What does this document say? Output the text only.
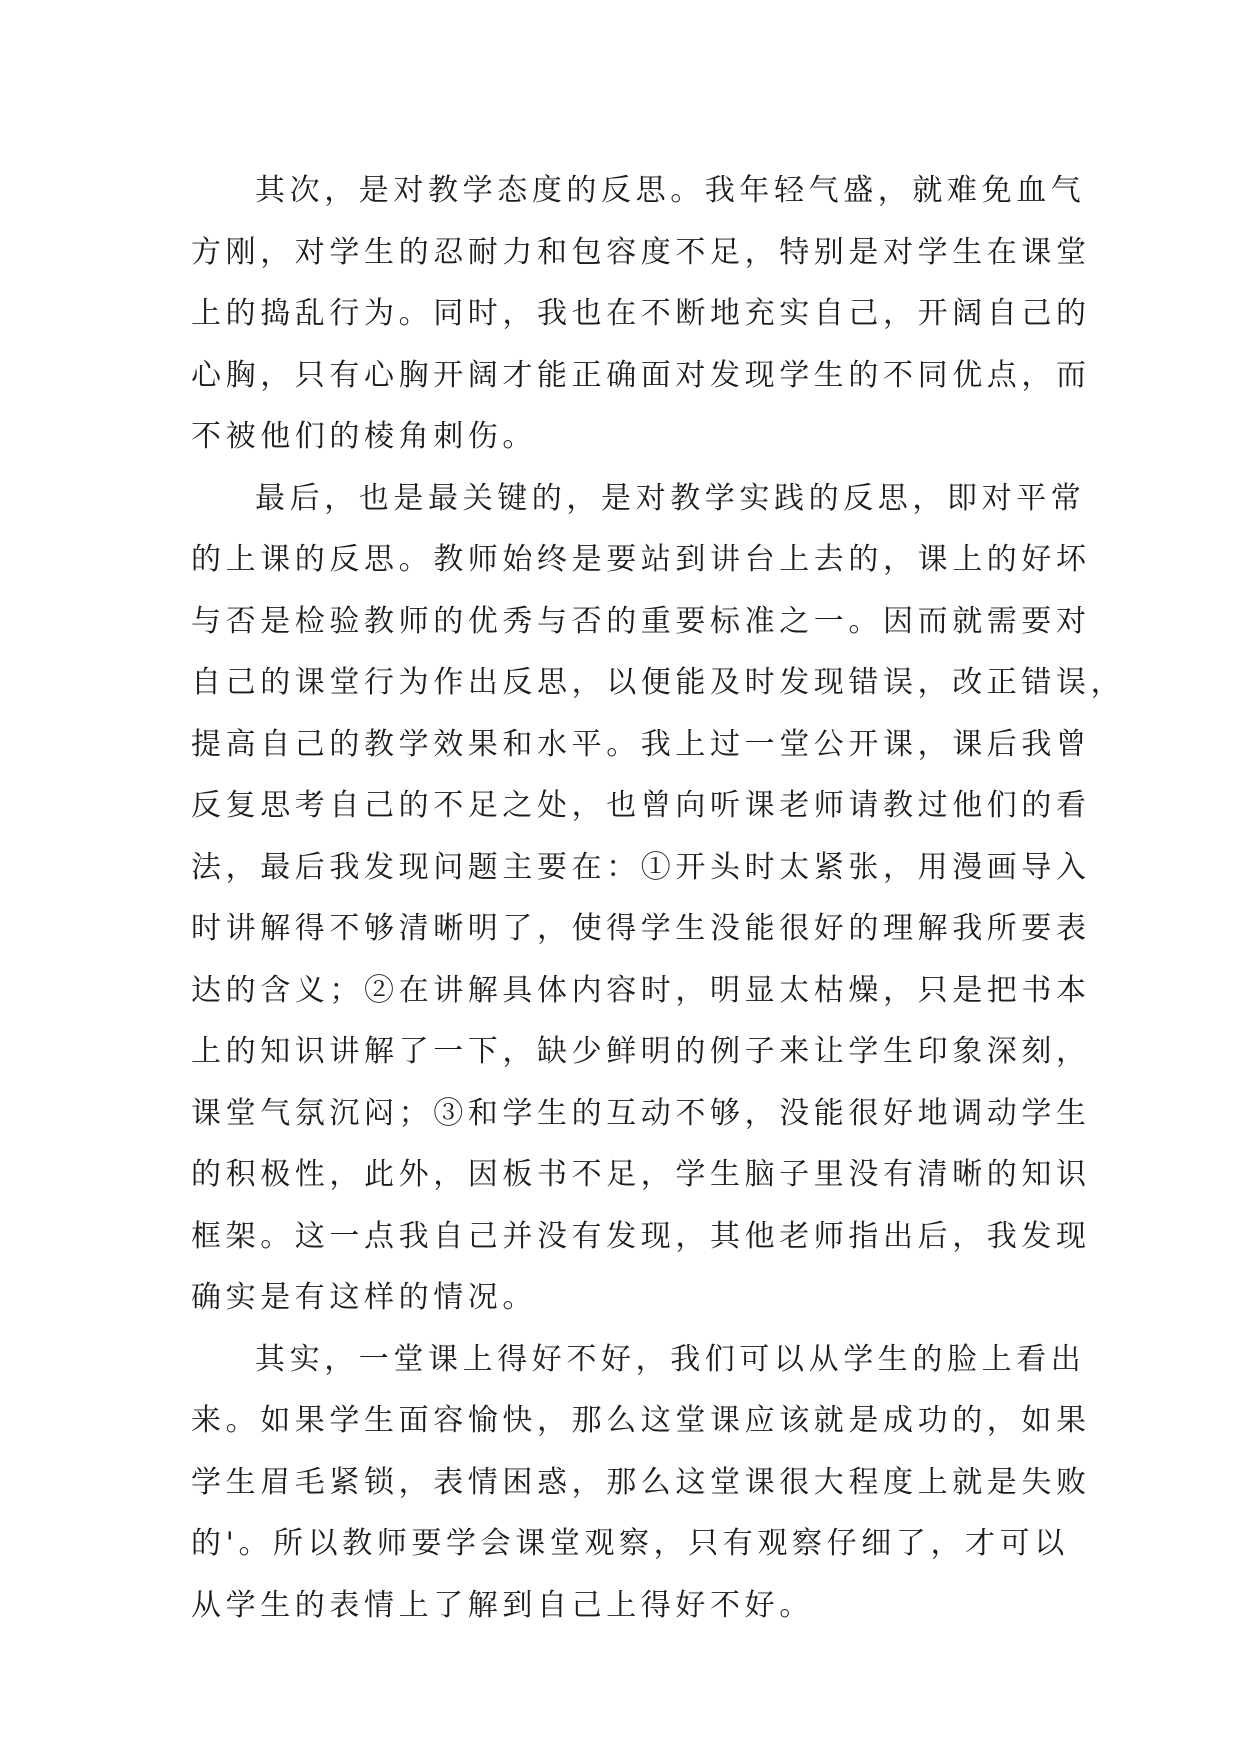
其次，是对教学态度的反思。我年轻气盛，就难免血气
方刚，对学生的忍耐力和包容度不足，特别是对学生在课堂
上的捣乱行为。同时，我也在不断地充实自己，开阔自己的
心胸，只有心胸开阔才能正确面对发现学生的不同优点，而
不被他们的棱角刺伤。
最后，也是最关键的，是对教学实践的反思，即对平常
的上课的反思。教师始终是要站到讲台上去的，课上的好坏
与否是检验教师的优秀与否的重要标准之一。因而就需要对
自己的课堂行为作出反思，以便能及时发现错误，改正错误，
提高自己的教学效果和水平。我上过一堂公开课，课后我曾
反复思考自己的不足之处，也曾向听课老师请教过他们的看
法，最后我发现问题主要在：①开头时太紧张，用漫画导入
时讲解得不够清晰明了，使得学生没能很好的理解我所要表
达的含义；②在讲解具体内容时，明显太枯燥，只是把书本
上的知识讲解了一下，缺少鲜明的例子来让学生印象深刻，
课堂气氛沉闷；③和学生的互动不够，没能很好地调动学生
的积极性，此外，因板书不足，学生脑子里没有清晰的知识
框架。这一点我自己并没有发现，其他老师指出后，我发现
确实是有这样的情况。
其实，一堂课上得好不好，我们可以从学生的脸上看出
来。如果学生面容愉快，那么这堂课应该就是成功的，如果
学生眉毛紧锁，表情困惑，那么这堂课很大程度上就是失败
的'。所以教师要学会课堂观察，只有观察仔细了，才可以
从学生的表情上了解到自己上得好不好。
